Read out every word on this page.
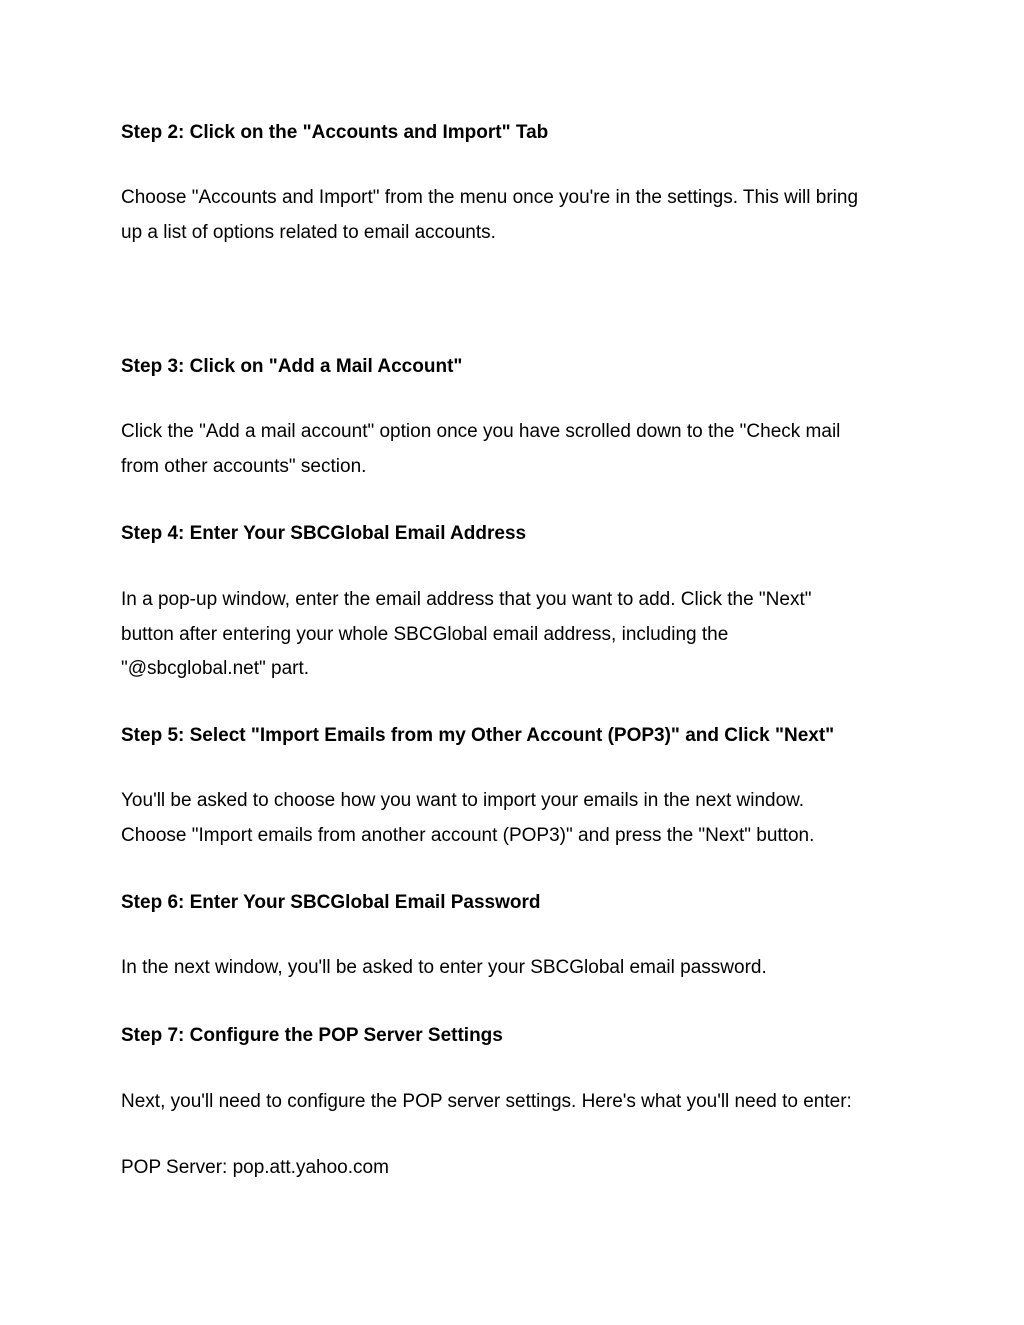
Step 2: Click on the "Accounts and Import" Tab

Choose "Accounts and Import" from the menu once you're in the settings. This will bring
up a list of options related to email accounts.

Step 3: Click on "Add a Mail Account"

Click the "Add a mail account" option once you have scrolled down to the "Check mail
from other accounts" section.

Step 4: Enter Your SBCGlobal Email Address

In a pop-up window, enter the email address that you want to add. Click the "Next"
button after entering your whole SBCGlobal email address, including the
"@sbcglobal.net" part.

Step 5: Select "Import Emails from my Other Account (POP3)" and Click "Next"

You'll be asked to choose how you want to import your emails in the next window.
Choose "Import emails from another account (POP3)" and press the "Next" button.

Step 6: Enter Your SBCGlobal Email Password

In the next window, you'll be asked to enter your SBCGlobal email password.

Step 7: Configure the POP Server Settings

Next, you'll need to configure the POP server settings. Here's what you'll need to enter:

POP Server: pop.att.yahoo.com
